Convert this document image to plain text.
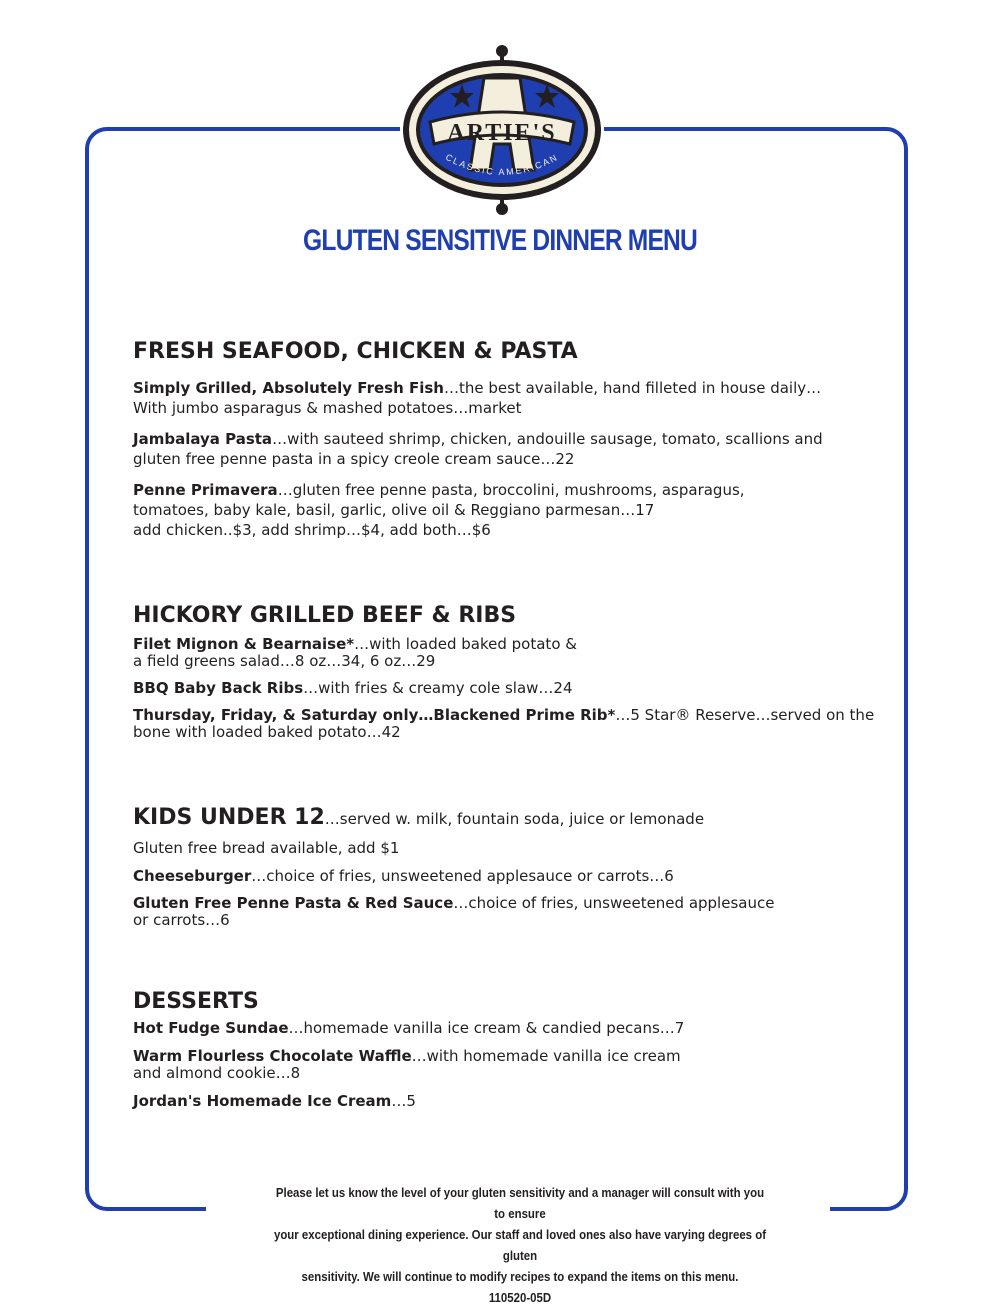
ARTIE'S
CLASSIC AMERICAN
GLUTEN SENSITIVE DINNER MENU
FRESH SEAFOOD, CHICKEN & PASTA

Simply Grilled, Absolutely Fresh Fish…the best available, hand filleted in house daily…
With jumbo asparagus & mashed potatoes…market

Jambalaya Pasta…with sauteed shrimp, chicken, andouille sausage, tomato, scallions and
gluten free penne pasta in a spicy creole cream sauce…22

Penne Primavera…gluten free penne pasta, broccolini, mushrooms, asparagus,
tomatoes, baby kale, basil, garlic, olive oil & Reggiano parmesan…17
add chicken..$3, add shrimp…$4, add both…$6

HICKORY GRILLED BEEF & RIBS

Filet Mignon & Bearnaise*…with loaded baked potato &
a field greens salad…8 oz…34, 6 oz…29

BBQ Baby Back Ribs…with fries & creamy cole slaw…24

Thursday, Friday, & Saturday only…Blackened Prime Rib*…5 Star® Reserve…served on the
bone with loaded baked potato…42

KIDS UNDER 12…served w. milk, fountain soda, juice or lemonade

Gluten free bread available, add $1

Cheeseburger…choice of fries, unsweetened applesauce or carrots…6

Gluten Free Penne Pasta & Red Sauce…choice of fries, unsweetened applesauce
or carrots…6

DESSERTS

Hot Fudge Sundae…homemade vanilla ice cream & candied pecans…7

Warm Flourless Chocolate Waffle…with homemade vanilla ice cream
and almond cookie…8

Jordan's Homemade Ice Cream…5

Please let us know the level of your gluten sensitivity and a manager will consult with you to ensure
your exceptional dining experience. Our staff and loved ones also have varying degrees of gluten
sensitivity. We will continue to modify recipes to expand the items on this menu.
110520-05D
